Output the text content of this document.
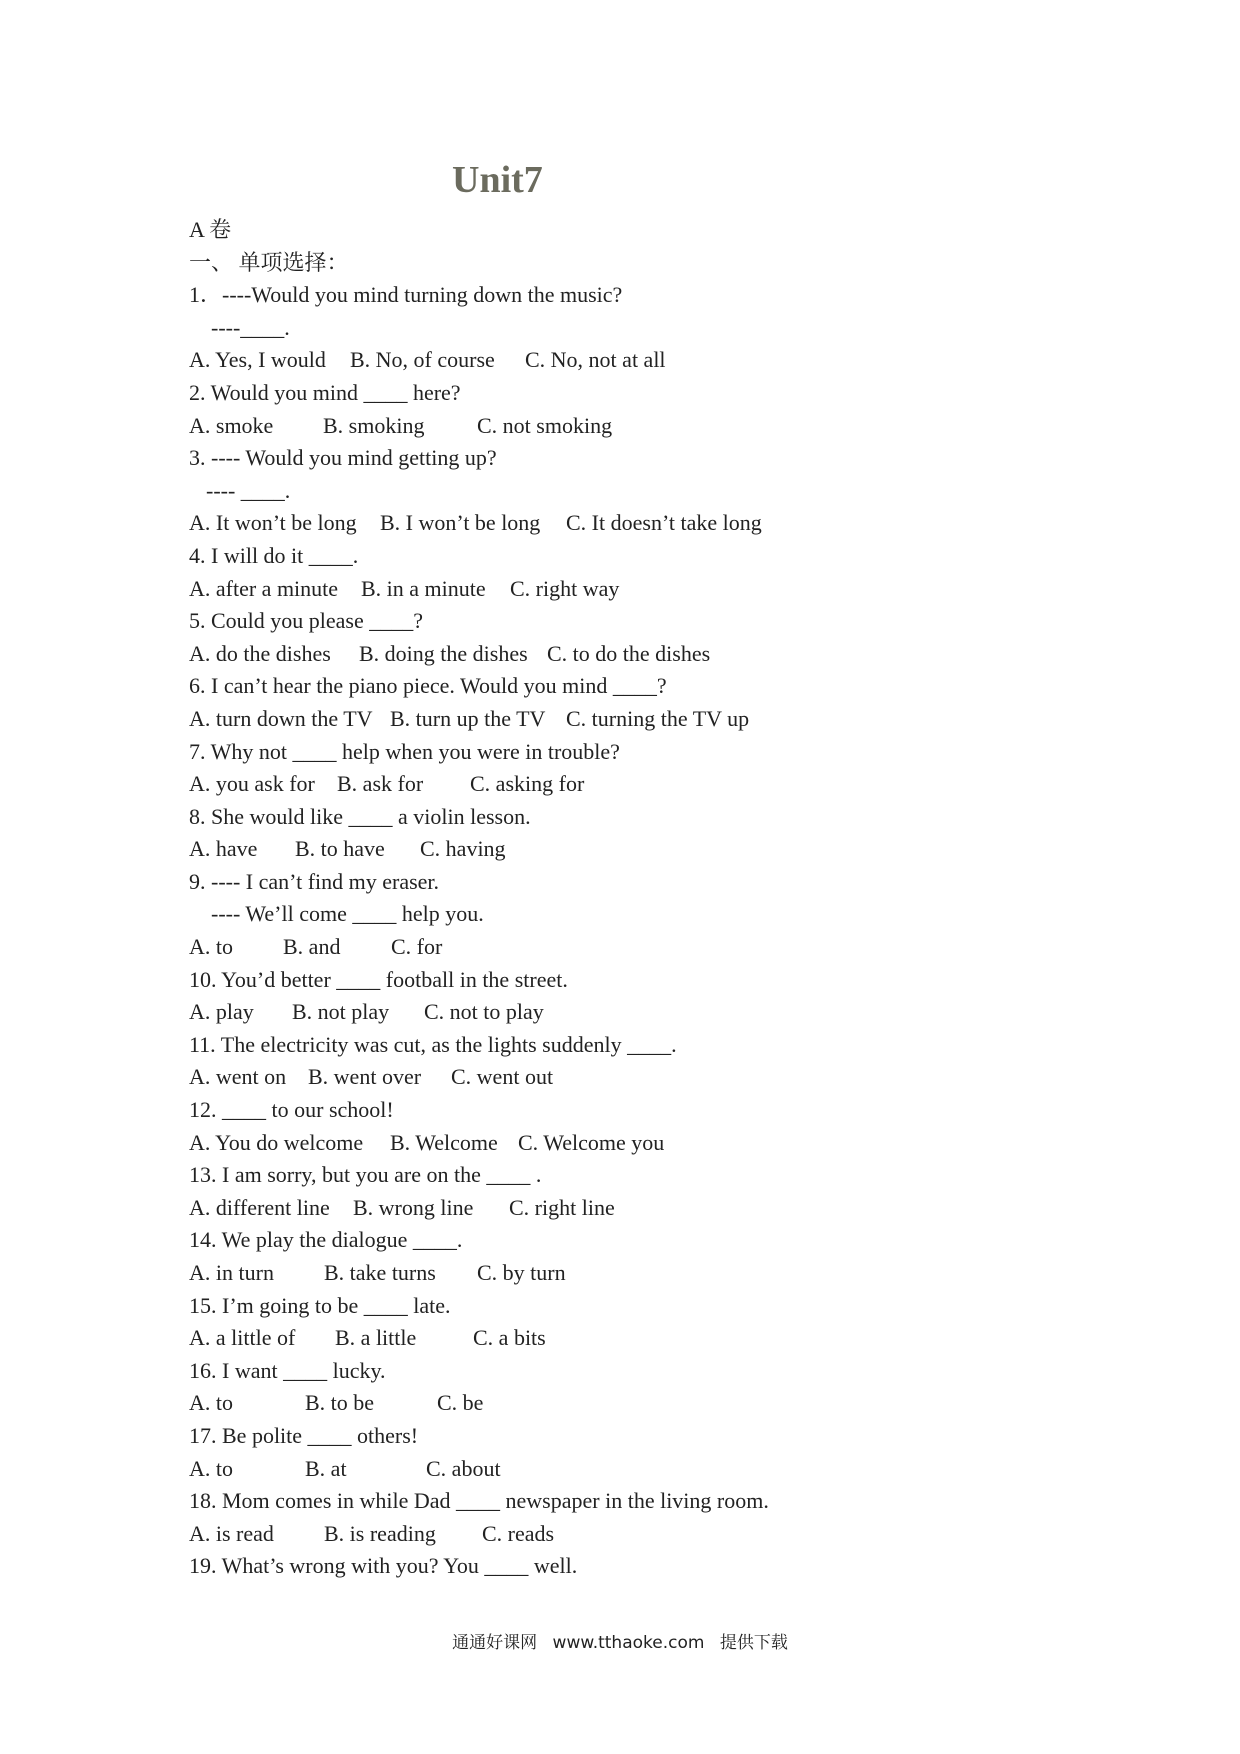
Unit7
A 卷
一、 单项选择：
1．----Would you mind turning down the music?
----____.
A. Yes, I would B. No, of course C. No, not at all
2. Would you mind ____ here?
A. smoke B. smoking C. not smoking
3. ---- Would you mind getting up?
---- ____.
A. It won’t be long B. I won’t be long C. It doesn’t take long
4. I will do it ____.
A. after a minute B. in a minute C. right way
5. Could you please ____?
A. do the dishes B. doing the dishes C. to do the dishes
6. I can’t hear the piano piece. Would you mind ____?
A. turn down the TV B. turn up the TV C. turning the TV up
7. Why not ____ help when you were in trouble?
A. you ask for B. ask for C. asking for
8. She would like ____ a violin lesson.
A. have B. to have C. having
9. ---- I can’t find my eraser.
---- We’ll come ____ help you.
A. to B. and C. for
10. You’d better ____ football in the street.
A. play B. not play C. not to play
11. The electricity was cut, as the lights suddenly ____.
A. went on B. went over C. went out
12. ____ to our school!
A. You do welcome B. Welcome C. Welcome you
13. I am sorry, but you are on the ____ .
A. different line B. wrong line C. right line
14. We play the dialogue ____.
A. in turn B. take turns C. by turn
15. I’m going to be ____ late.
A. a little of B. a little	C. a bits
16. I want ____ lucky.
A. to	B. to be	C. be
17. Be polite ____ others!
A. to	B. at	C. about
18. Mom comes in while Dad ____ newspaper in the living room.
A. is read B. is reading C. reads
19. What’s wrong with you? You ____ well.
通通好课网 www.tthaoke.com 提供下载
